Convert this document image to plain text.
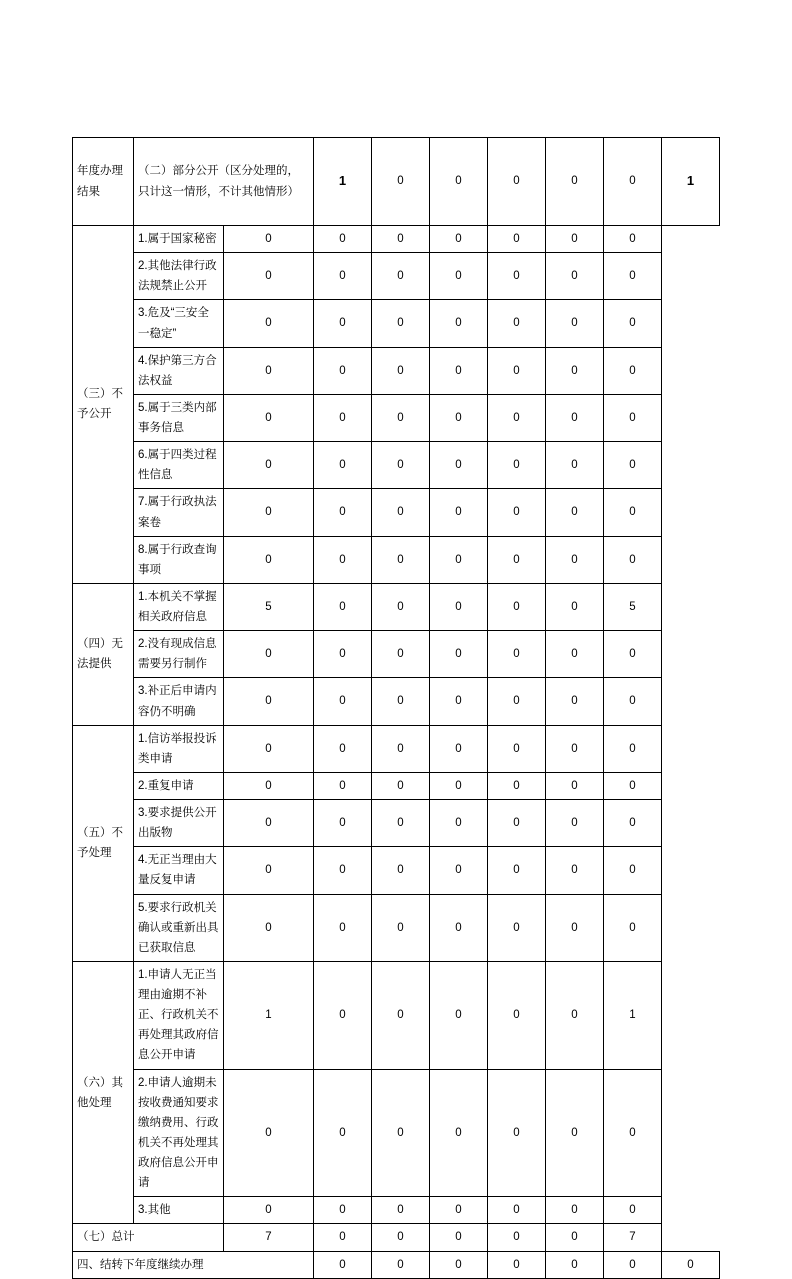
年度办理结果	（二）部分公开（区分处理的，只计这一情形，不计其他情形）		1	0	0	0	0	0	1
（三）不予公开	1.属于国家秘密	0	0	0	0	0	0	0	
	2.其他法律行政法规禁止公开	0	0	0	0	0	0	0	
	3.危及“三安全一稳定”	0	0	0	0	0	0	0	
	4.保护第三方合法权益	0	0	0	0	0	0	0	
	5.属于三类内部事务信息	0	0	0	0	0	0	0	
	6.属于四类过程性信息	0	0	0	0	0	0	0	
	7.属于行政执法案卷	0	0	0	0	0	0	0	
	8.属于行政查询事项	0	0	0	0	0	0	0	
（四）无法提供	1.本机关不掌握相关政府信息	5	0	0	0	0	0	5	
	2.没有现成信息需要另行制作	0	0	0	0	0	0	0	
	3.补正后申请内容仍不明确	0	0	0	0	0	0	0	
（五）不予处理	1.信访举报投诉类申请	0	0	0	0	0	0	0	
	2.重复申请	0	0	0	0	0	0	0	
	3.要求提供公开出版物	0	0	0	0	0	0	0	
	4.无正当理由大量反复申请	0	0	0	0	0	0	0	
	5.要求行政机关确认或重新出具已获取信息	0	0	0	0	0	0	0	
（六）其他处理	1.申请人无正当理由逾期不补正、行政机关不再处理其政府信息公开申请	1	0	0	0	0	0	1	
	2.申请人逾期未按收费通知要求缴纳费用、行政机关不再处理其政府信息公开申请	0	0	0	0	0	0	0	
	3.其他	0	0	0	0	0	0	0	
（七）总计		7	0	0	0	0	0	7	
四、结转下年度继续办理			0	0	0	0	0	0	0
